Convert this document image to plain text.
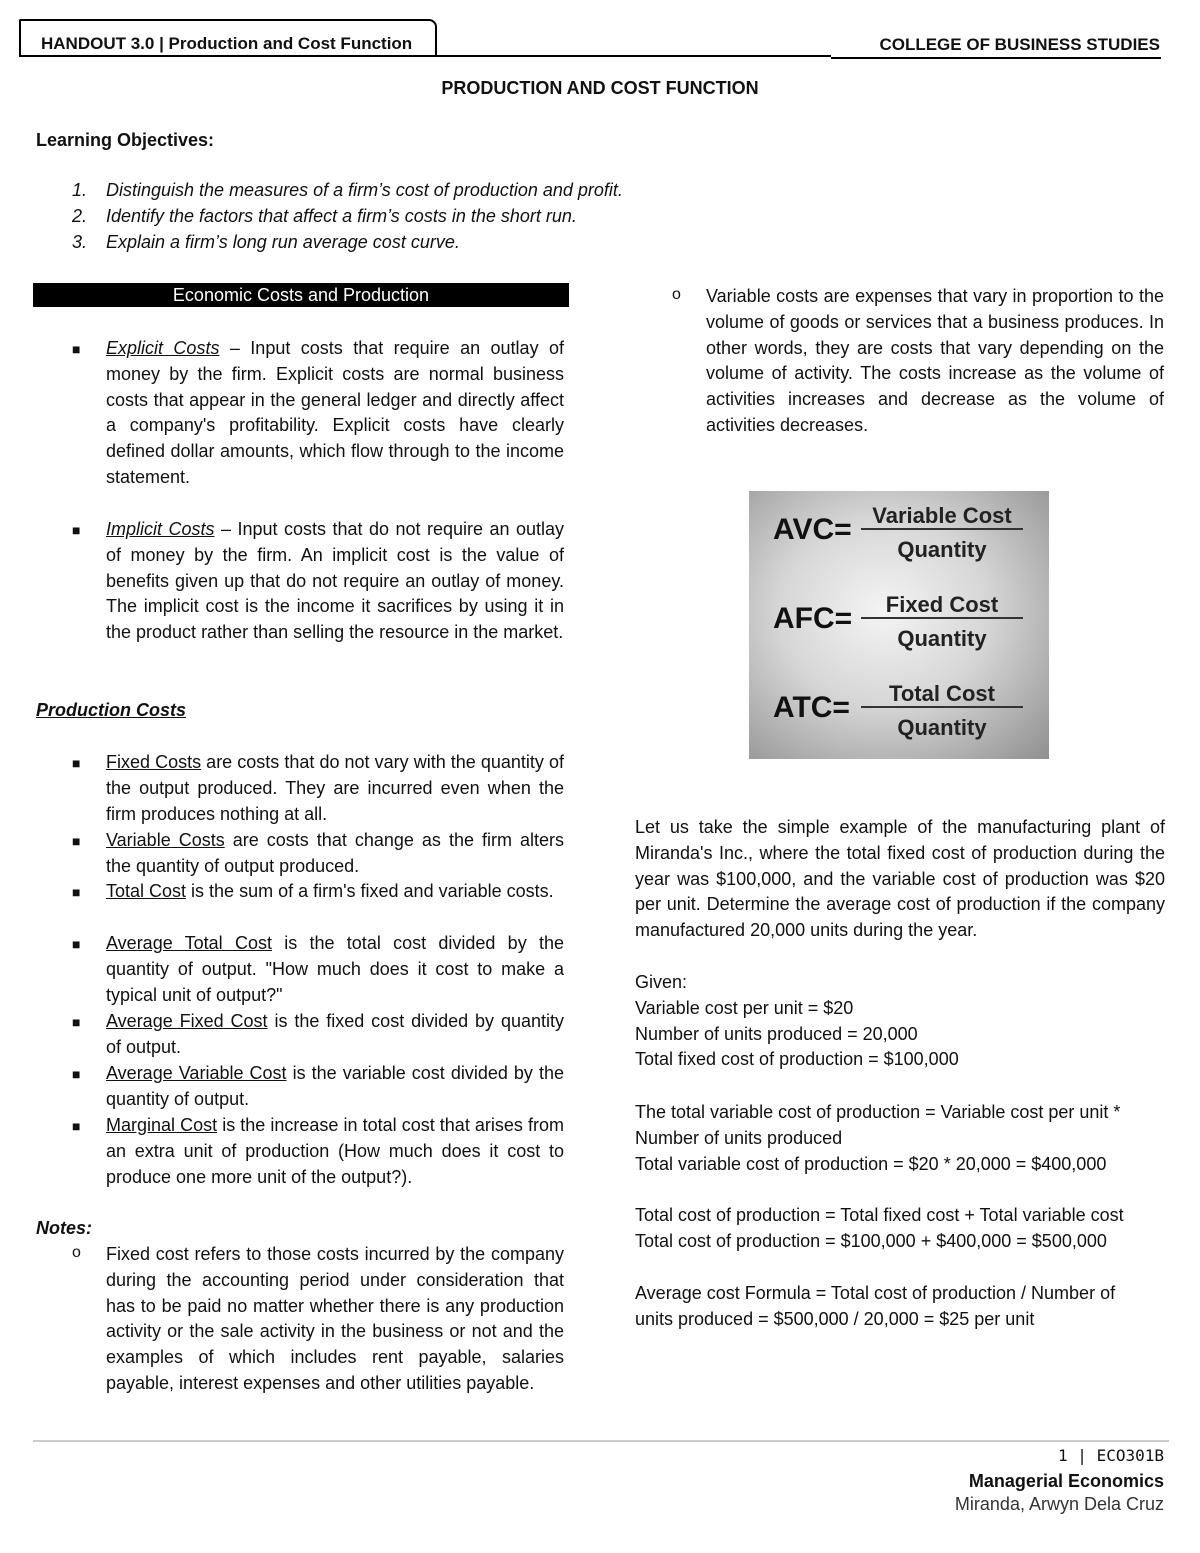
HANDOUT 3.0 | Production and Cost Function	COLLEGE OF BUSINESS STUDIES
PRODUCTION AND COST FUNCTION
Learning Objectives:
1. Distinguish the measures of a firm’s cost of production and profit.
2. Identify the factors that affect a firm’s costs in the short run.
3. Explain a firm’s long run average cost curve.
Economic Costs and Production
■ Explicit Costs – Input costs that require an outlay of money by the firm. Explicit costs are normal business costs that appear in the general ledger and directly affect a company's profitability. Explicit costs have clearly defined dollar amounts, which flow through to the income statement.
■ Implicit Costs – Input costs that do not require an outlay of money by the firm. An implicit cost is the value of benefits given up that do not require an outlay of money. The implicit cost is the income it sacrifices by using it in the product rather than selling the resource in the market.
Production Costs
■ Fixed Costs are costs that do not vary with the quantity of the output produced. They are incurred even when the firm produces nothing at all.
■ Variable Costs are costs that change as the firm alters the quantity of output produced.
■ Total Cost is the sum of a firm's fixed and variable costs.
■ Average Total Cost is the total cost divided by the quantity of output. "How much does it cost to make a typical unit of output?"
■ Average Fixed Cost is the fixed cost divided by quantity of output.
■ Average Variable Cost is the variable cost divided by the quantity of output.
■ Marginal Cost is the increase in total cost that arises from an extra unit of production (How much does it cost to produce one more unit of the output?).
Notes:
o Fixed cost refers to those costs incurred by the company during the accounting period under consideration that has to be paid no matter whether there is any production activity or the sale activity in the business or not and the examples of which includes rent payable, salaries payable, interest expenses and other utilities payable.
o Variable costs are expenses that vary in proportion to the volume of goods or services that a business produces. In other words, they are costs that vary depending on the volume of activity. The costs increase as the volume of activities increases and decrease as the volume of activities decreases.
AVC= Variable Cost
Quantity
AFC=	Fixed Cost
Quantity
ATC=	Total Cost
Quantity
Let us take the simple example of the manufacturing plant of Miranda's Inc., where the total fixed cost of production during the year was $100,000, and the variable cost of production was $20 per unit. Determine the average cost of production if the company manufactured 20,000 units during the year.
Given:
Variable cost per unit = $20
Number of units produced = 20,000
Total fixed cost of production = $100,000
The total variable cost of production = Variable cost per unit *
Number of units produced
Total variable cost of production = $20 * 20,000 = $400,000
Total cost of production = Total fixed cost + Total variable cost
Total cost of production = $100,000 + $400,000 = $500,000
Average cost Formula = Total cost of production / Number of
units produced = $500,000 / 20,000 = $25 per unit
1 | ECO301B
Managerial Economics
Miranda, Arwyn Dela Cruz
